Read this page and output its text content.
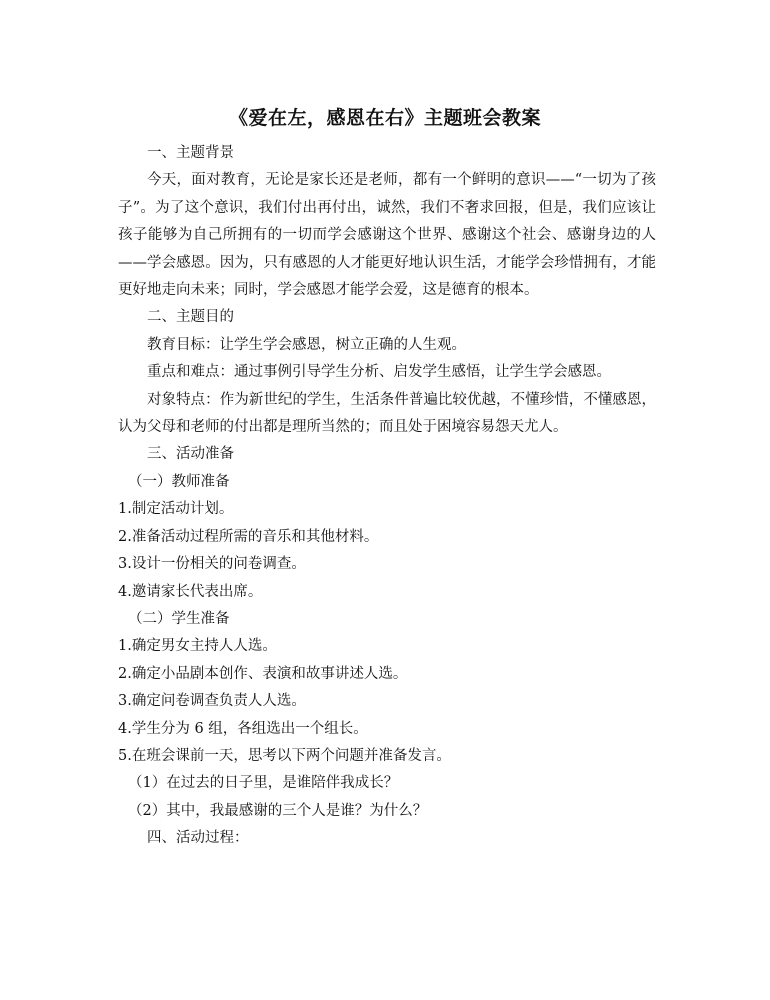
《爱在左，感恩在右》主题班会教案

一、主题背景

今天，面对教育，无论是家长还是老师，都有一个鲜明的意识——“一切为了孩子”。为了这个意识，我们付出再付出，诚然，我们不奢求回报，但是，我们应该让孩子能够为自己所拥有的一切而学会感谢这个世界、感谢这个社会、感谢身边的人——学会感恩。因为，只有感恩的人才能更好地认识生活，才能学会珍惜拥有，才能更好地走向未来；同时，学会感恩才能学会爱，这是德育的根本。

二、主题目的

教育目标：让学生学会感恩，树立正确的人生观。

重点和难点：通过事例引导学生分析、启发学生感悟，让学生学会感恩。

对象特点：作为新世纪的学生，生活条件普遍比较优越，不懂珍惜，不懂感恩，认为父母和老师的付出都是理所当然的；而且处于困境容易怨天尤人。

三、活动准备

（一）教师准备

1.制定活动计划。

2.准备活动过程所需的音乐和其他材料。

3.设计一份相关的问卷调查。

4.邀请家长代表出席。

（二）学生准备

1.确定男女主持人人选。

2.确定小品剧本创作、表演和故事讲述人选。

3.确定问卷调查负责人人选。

4.学生分为 6 组，各组选出一个组长。

5.在班会课前一天，思考以下两个问题并准备发言。

（1）在过去的日子里，是谁陪伴我成长？

（2）其中，我最感谢的三个人是谁？为什么？

四、活动过程：
